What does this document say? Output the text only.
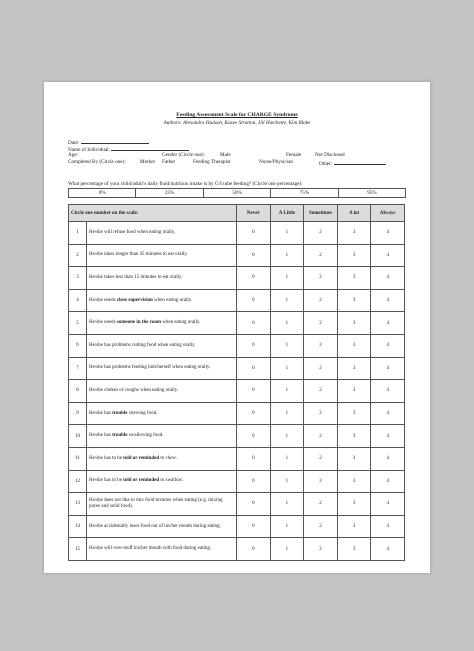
Feeding Assessment Scale for CHARGE Syndrome
Authors: Alexandra Hudson, Kasee Stratton, Jill Hatchette, Kim Blake
Date:
Name of Individual:
Age:	Gender (Circle one):	Male	Female	Not Disclosed
Completed By (Circle one):	Mother Father	Feeding Therapist	Nurse/Physician	Other:
What percentage of your child/adult’s daily fluid/nutrition intake is by G/I tube feeding? (Circle one percentage):
0%	25%	50%	75%	95%
Circle one number on the scale:		Never	A Little	Sometimes	A lot	Always
1	He/she will refuse food when eating orally.	0	1	2	3	4
2	He/she takes longer than 45 minutes to eat orally.	0	1	2	3	4
3	He/she takes less than 15 minutes to eat orally.	0	1	2	3	4
4	He/she needs close supervision when eating orally.	0	1	2	3	4
5	He/she needs someone in the room when eating orally.	0	1	2	3	4
6	He/she has problems cutting food when eating orally.	0	1	2	3	4
7	He/she has problems feeding him/herself when eating orally.	0	1	2	3	4
8	He/she chokes or coughs when eating orally.	0	1	2	3	4
9	He/she has trouble chewing food.	0	1	2	3	4
10	He/she has trouble swallowing food.	0	1	2	3	4
11	He/she has to be told or reminded to chew.	0	1	2	3	4
12	He/she has to be told or reminded to swallow.	0	1	2	3	4
13	He/she does not like to mix food textures when eating (e.g. mixing puree and solid food).	0	1	2	3	4
14	He/she accidentally loses food out of his/her mouth during eating.	0	1	2	3	4
15	He/she will over-stuff his/her mouth with food during eating.	0	1	2	3	4
